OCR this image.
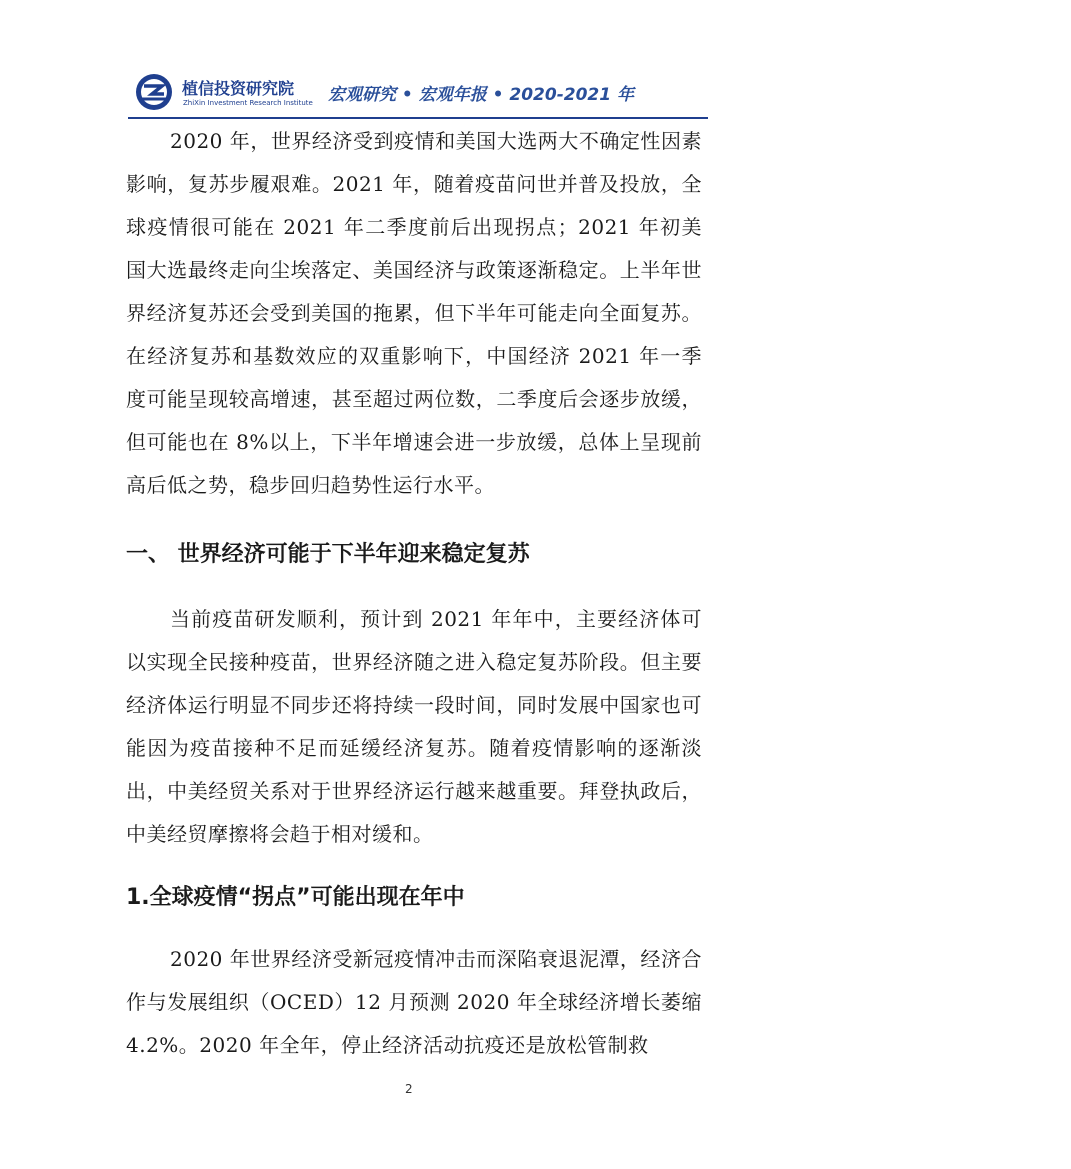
植信投资研究院
ZhiXin Investment Research Institute 宏观研究 • 宏观年报 • 2020-2021 年

2020 年，世界经济受到疫情和美国大选两大不确定性因素影响，复苏步履艰难。2021 年，随着疫苗问世并普及投放，全球疫情很可能在 2021 年二季度前后出现拐点；2021 年初美国大选最终走向尘埃落定、美国经济与政策逐渐稳定。上半年世界经济复苏还会受到美国的拖累，但下半年可能走向全面复苏。在经济复苏和基数效应的双重影响下，中国经济 2021 年一季度可能呈现较高增速，甚至超过两位数，二季度后会逐步放缓，但可能也在 8%以上，下半年增速会进一步放缓，总体上呈现前高后低之势，稳步回归趋势性运行水平。

一、 世界经济可能于下半年迎来稳定复苏

当前疫苗研发顺利，预计到 2021 年年中，主要经济体可以实现全民接种疫苗，世界经济随之进入稳定复苏阶段。但主要经济体运行明显不同步还将持续一段时间，同时发展中国家也可能因为疫苗接种不足而延缓经济复苏。随着疫情影响的逐渐淡出，中美经贸关系对于世界经济运行越来越重要。拜登执政后，中美经贸摩擦将会趋于相对缓和。

1.全球疫情“拐点”可能出现在年中

2020 年世界经济受新冠疫情冲击而深陷衰退泥潭，经济合作与发展组织（OCED）12 月预测 2020 年全球经济增长萎缩 4.2%。2020 年全年，停止经济活动抗疫还是放松管制救

2
